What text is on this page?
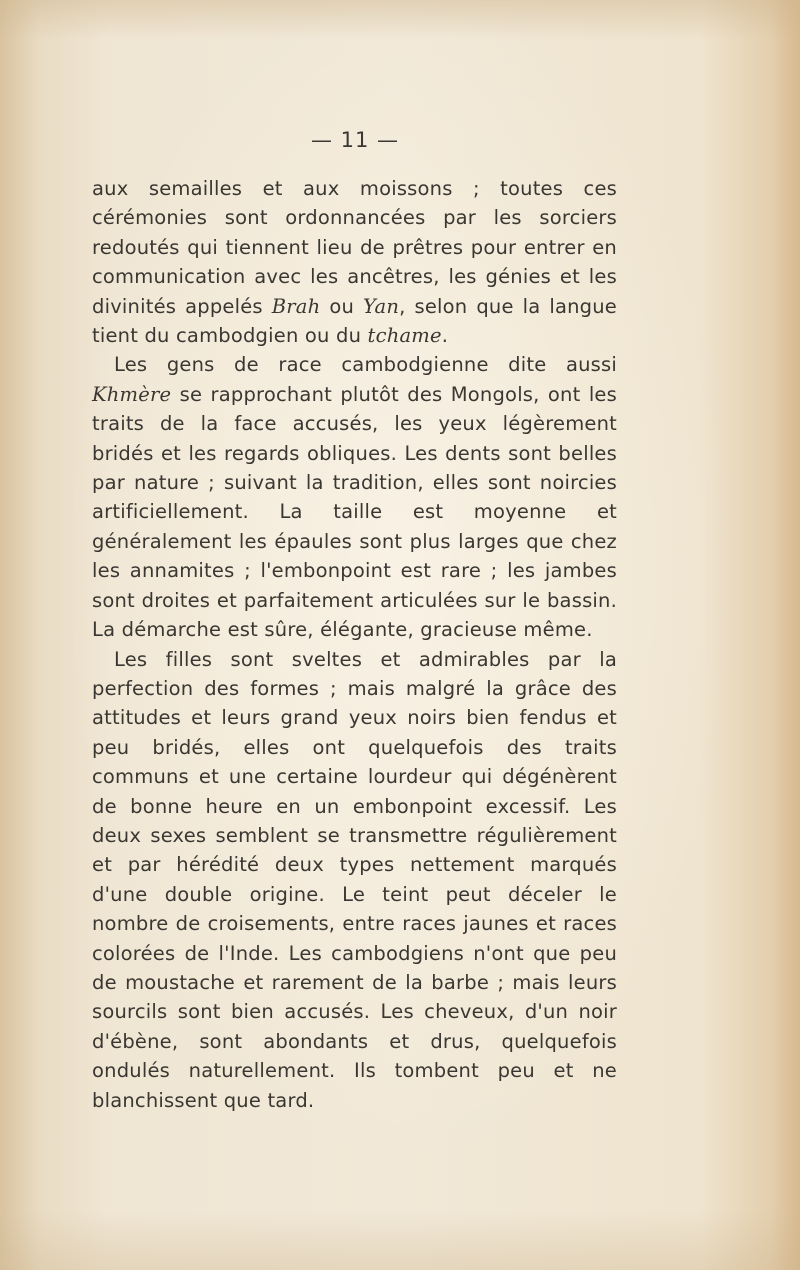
— 11 —

aux semailles et aux moissons ; toutes ces cérémonies sont ordonnancées par les sorciers redoutés qui tiennent lieu de prêtres pour entrer en communication avec les ancêtres, les génies et les divinités appelés Brah ou Yan, selon que la langue tient du cambodgien ou du tchame.

Les gens de race cambodgienne dite aussi Khmère se rapprochant plutôt des Mongols, ont les traits de la face accusés, les yeux légèrement bridés et les regards obliques. Les dents sont belles par nature ; suivant la tradition, elles sont noircies artificiellement. La taille est moyenne et généralement les épaules sont plus larges que chez les annamites ; l'embonpoint est rare ; les jambes sont droites et parfaitement articulées sur le bassin. La démarche est sûre, élégante, gracieuse même.

Les filles sont sveltes et admirables par la perfection des formes ; mais malgré la grâce des attitudes et leurs grand yeux noirs bien fendus et peu bridés, elles ont quelquefois des traits communs et une certaine lourdeur qui dégénèrent de bonne heure en un embonpoint excessif. Les deux sexes semblent se transmettre régulièrement et par hérédité deux types nettement marqués d'une double origine. Le teint peut déceler le nombre de croisements, entre races jaunes et races colorées de l'Inde. Les cambodgiens n'ont que peu de moustache et rarement de la barbe ; mais leurs sourcils sont bien accusés. Les cheveux, d'un noir d'ébène, sont abondants et drus, quelquefois ondulés naturellement. Ils tombent peu et ne blanchissent que tard.
